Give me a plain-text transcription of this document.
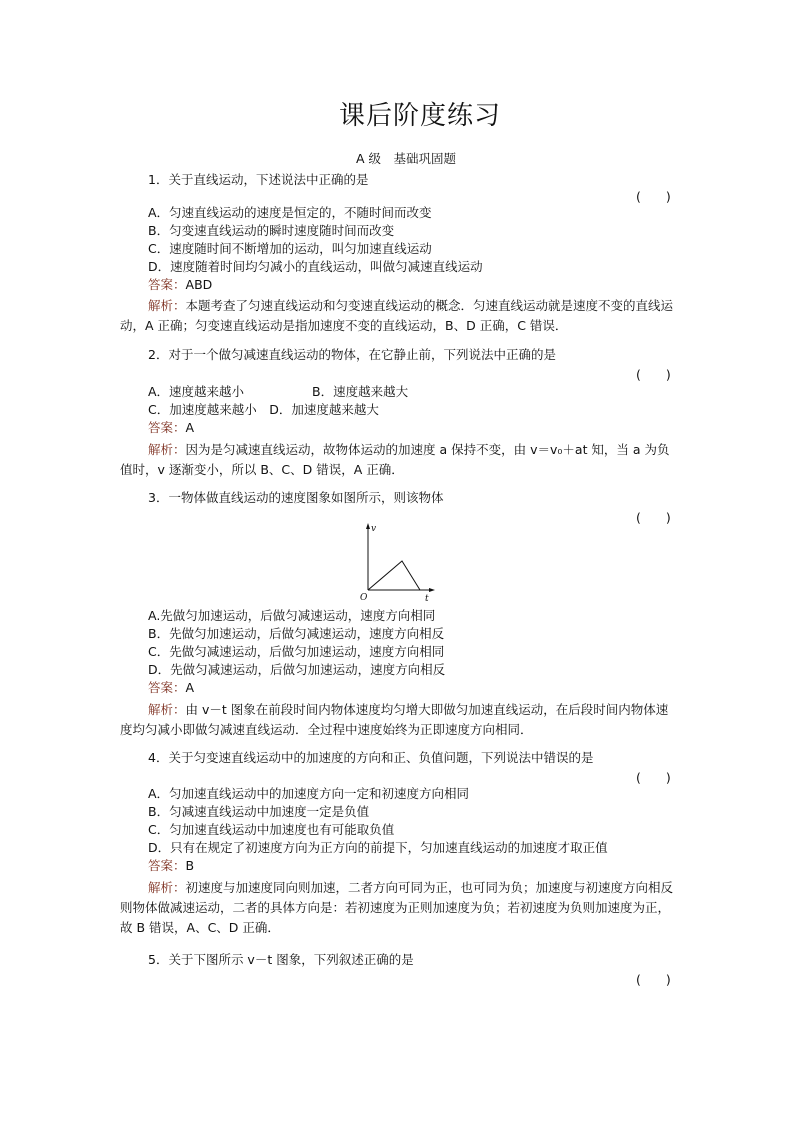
课后阶度练习
A 级　基础巩固题
1．关于直线运动，下述说法中正确的是
(　　)
A．匀速直线运动的速度是恒定的，不随时间而改变
B．匀变速直线运动的瞬时速度随时间而改变
C．速度随时间不断增加的运动，叫匀加速直线运动
D．速度随着时间均匀减小的直线运动，叫做匀减速直线运动
答案：ABD
解析：本题考查了匀速直线运动和匀变速直线运动的概念．匀速直线运动就是速度不变的直线运动，A 正确；匀变速直线运动是指加速度不变的直线运动，B、D 正确，C 错误．
2．对于一个做匀减速直线运动的物体，在它静止前，下列说法中正确的是
(　　)
A．速度越来越小	B．速度越来越大
C．加速度越来越小　D．加速度越来越大
答案：A
解析：因为是匀减速直线运动，故物体运动的加速度 a 保持不变，由 v＝v₀＋at 知，当 a 为负值时，v 逐渐变小，所以 B、C、D 错误，A 正确．
3．一物体做直线运动的速度图象如图所示，则该物体
(　　)
v
t
O
A.先做匀加速运动，后做匀减速运动，速度方向相同
B．先做匀加速运动，后做匀减速运动，速度方向相反
C．先做匀减速运动，后做匀加速运动，速度方向相同
D．先做匀减速运动，后做匀加速运动，速度方向相反
答案：A
解析：由 v－t 图象在前段时间内物体速度均匀增大即做匀加速直线运动，在后段时间内物体速度均匀减小即做匀减速直线运动．全过程中速度始终为正即速度方向相同．
4．关于匀变速直线运动中的加速度的方向和正、负值问题，下列说法中错误的是
(　　)
A．匀加速直线运动中的加速度方向一定和初速度方向相同
B．匀减速直线运动中加速度一定是负值
C．匀加速直线运动中加速度也有可能取负值
D．只有在规定了初速度方向为正方向的前提下，匀加速直线运动的加速度才取正值
答案：B
解析：初速度与加速度同向则加速，二者方向可同为正，也可同为负；加速度与初速度方向相反则物体做减速运动，二者的具体方向是：若初速度为正则加速度为负；若初速度为负则加速度为正，故 B 错误，A、C、D 正确．
5．关于下图所示 v－t 图象，下列叙述正确的是
(　　)
